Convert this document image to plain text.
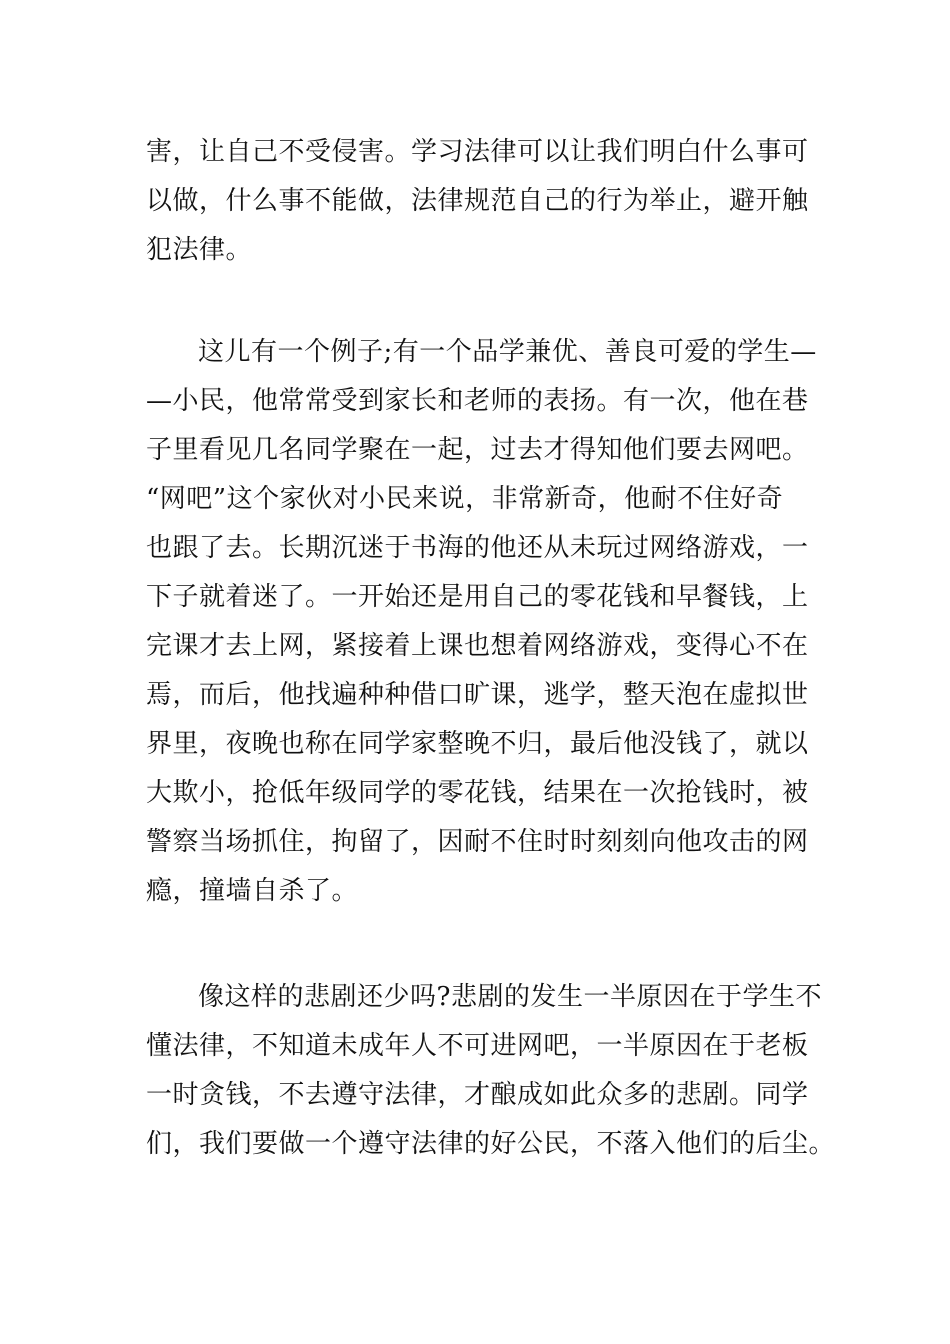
害，让自己不受侵害。学习法律可以让我们明白什么事可
以做，什么事不能做，法律规范自己的行为举止，避开触
犯法律。

这儿有一个例子;有一个品学兼优、善良可爱的学生—
—小民，他常常受到家长和老师的表扬。有一次，他在巷
子里看见几名同学聚在一起，过去才得知他们要去网吧。
“网吧”这个家伙对小民来说，非常新奇，他耐不住好奇
也跟了去。长期沉迷于书海的他还从未玩过网络游戏，一
下子就着迷了。一开始还是用自己的零花钱和早餐钱，上
完课才去上网，紧接着上课也想着网络游戏，变得心不在
焉，而后，他找遍种种借口旷课，逃学，整天泡在虚拟世
界里，夜晚也称在同学家整晚不归，最后他没钱了，就以
大欺小，抢低年级同学的零花钱，结果在一次抢钱时，被
警察当场抓住，拘留了，因耐不住时时刻刻向他攻击的网
瘾，撞墙自杀了。

像这样的悲剧还少吗?悲剧的发生一半原因在于学生不
懂法律，不知道未成年人不可进网吧，一半原因在于老板
一时贪钱，不去遵守法律，才酿成如此众多的悲剧。同学
们，我们要做一个遵守法律的好公民，不落入他们的后尘。
